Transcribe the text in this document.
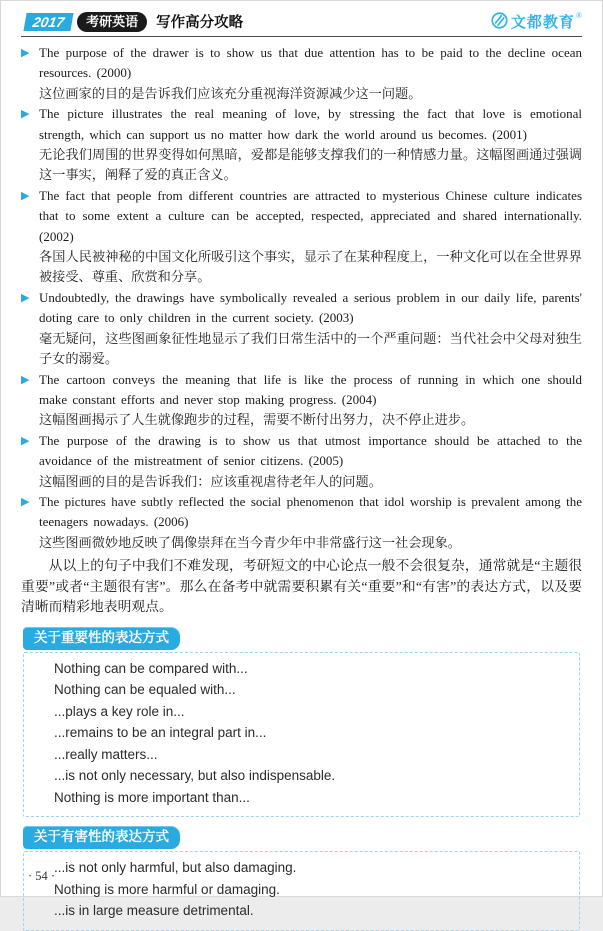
2017	考研英语	写作高分攻略	文都教育 ®
▶ The purpose of the drawer is to show us that due attention has to be paid to the decline ocean resources. (2000)
这位画家的目的是告诉我们应该充分重视海洋资源减少这一问题。
▶ The picture illustrates the real meaning of love, by stressing the fact that love is emotional strength, which can support us no matter how dark the world around us becomes. (2001)
无论我们周围的世界变得如何黑暗，爱都是能够支撑我们的一种情感力量。这幅图画通过强调这一事实，阐释了爱的真正含义。
▶ The fact that people from different countries are attracted to mysterious Chinese culture indicates that to some extent a culture can be accepted, respected, appreciated and shared internationally. (2002)
各国人民被神秘的中国文化所吸引这个事实，显示了在某种程度上，一种文化可以在全世界界被接受、尊重、欣赏和分享。
▶ Undoubtedly, the drawings have symbolically revealed a serious problem in our daily life, parents' doting care to only children in the current society. (2003)
毫无疑问，这些图画象征性地显示了我们日常生活中的一个严重问题：当代社会中父母对独生子女的溺爱。
▶ The cartoon conveys the meaning that life is like the process of running in which one should make constant efforts and never stop making progress. (2004)
这幅图画揭示了人生就像跑步的过程，需要不断付出努力，决不停止进步。
▶ The purpose of the drawing is to show us that utmost importance should be attached to the avoidance of the mistreatment of senior citizens. (2005)
这幅图画的目的是告诉我们：应该重视虐待老年人的问题。
▶ The pictures have subtly reflected the social phenomenon that idol worship is prevalent among the teenagers nowadays. (2006)
这些图画微妙地反映了偶像崇拜在当今青少年中非常盛行这一社会现象。
从以上的句子中我们不难发现，考研短文的中心论点一般不会很复杂，通常就是“主题很重要”或者“主题很有害”。那么在备考中就需要积累有关“重要”和“有害”的表达方式，以及要清晰而精彩地表明观点。
关于重要性的表达方式
Nothing can be compared with...
Nothing can be equaled with...
...plays a key role in...
...remains to be an integral part in...
...really matters...
...is not only necessary, but also indispensable.
Nothing is more important than...
关于有害性的表达方式
...is not only harmful, but also damaging.
Nothing is more harmful or damaging.
...is in large measure detrimental.
· 54 ·
